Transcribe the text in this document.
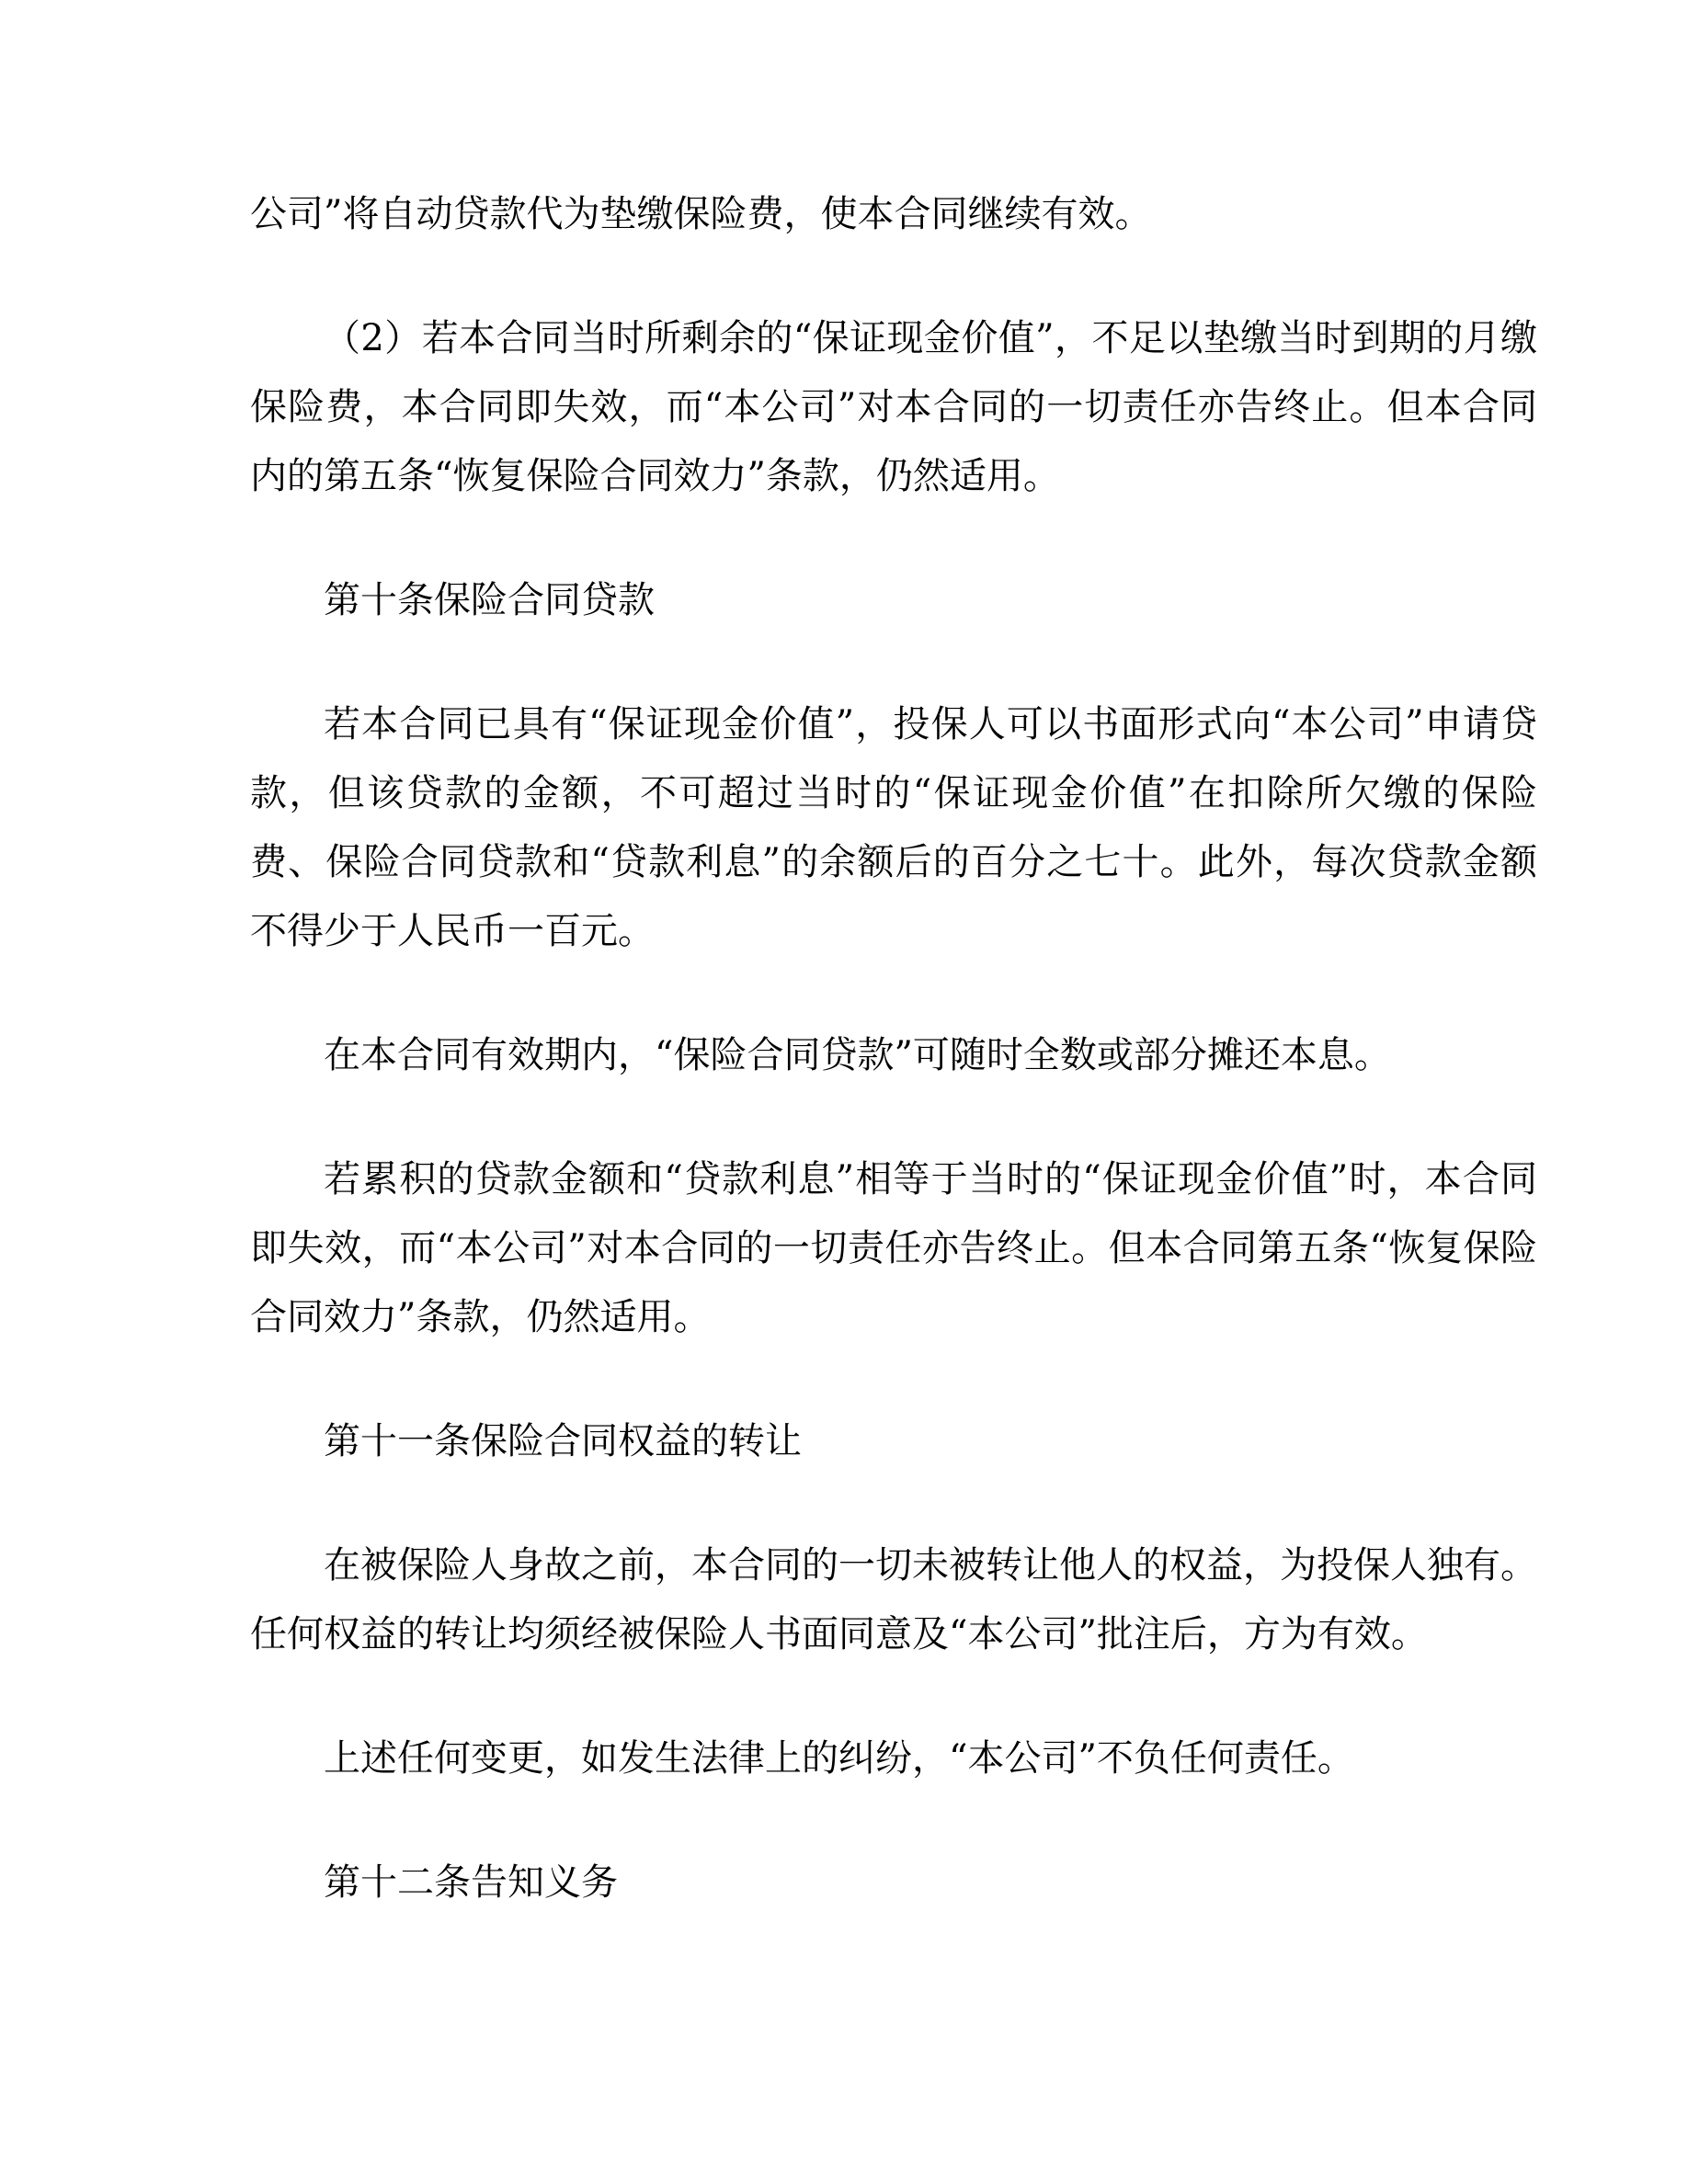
公司”将自动贷款代为垫缴保险费，使本合同继续有效。

（2）若本合同当时所剩余的“保证现金价值”，不足以垫缴当时到期的月缴保险费，本合同即失效，而“本公司”对本合同的一切责任亦告终止。但本合同内的第五条“恢复保险合同效力”条款，仍然适用。

第十条保险合同贷款

若本合同已具有“保证现金价值”，投保人可以书面形式向“本公司”申请贷款，但该贷款的金额，不可超过当时的“保证现金价值”在扣除所欠缴的保险费、保险合同贷款和“贷款利息”的余额后的百分之七十。此外，每次贷款金额不得少于人民币一百元。

在本合同有效期内，“保险合同贷款”可随时全数或部分摊还本息。

若累积的贷款金额和“贷款利息”相等于当时的“保证现金价值”时，本合同即失效，而“本公司”对本合同的一切责任亦告终止。但本合同第五条“恢复保险合同效力”条款，仍然适用。

第十一条保险合同权益的转让

在被保险人身故之前，本合同的一切未被转让他人的权益，为投保人独有。任何权益的转让均须经被保险人书面同意及“本公司”批注后，方为有效。

上述任何变更，如发生法律上的纠纷，“本公司”不负任何责任。

第十二条告知义务
